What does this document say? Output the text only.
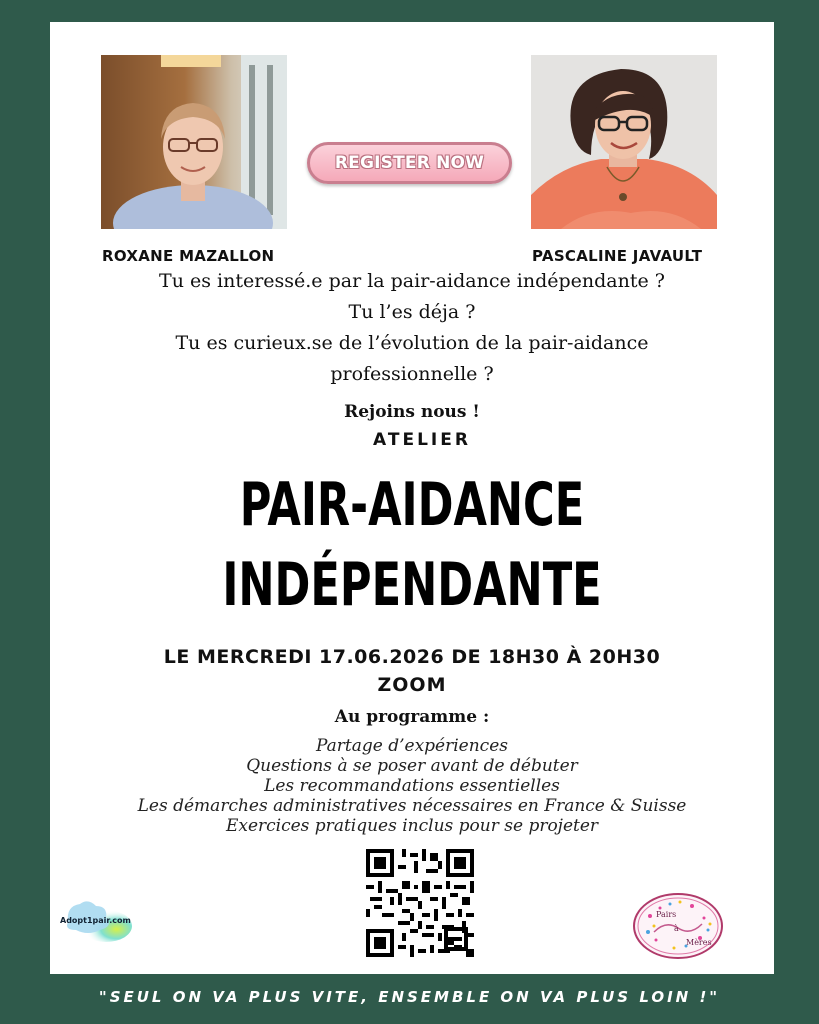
REGISTER NOW
ROXANE MAZALLON	PASCALINE JAVAULT
Tu es interessé.e par la pair-aidance indépendante ?
Tu l’es déja ?
Tu es curieux.se de l’évolution de la pair-aidance
professionnelle ?
Rejoins nous !
ATELIER
PAIR-AIDANCE
INDÉPENDANTE
LE MERCREDI 17.06.2026 DE 18H30 À 20H30
ZOOM
Au programme :
Partage d’expériences
Questions à se poser avant de débuter
Les recommandations essentielles
Les démarches administratives nécessaires en France & Suisse
Exercices pratiques inclus pour se projeter
Adopt1pair.com
Pairs
à
Mères
"SEUL ON VA PLUS VITE, ENSEMBLE ON VA PLUS LOIN !"
